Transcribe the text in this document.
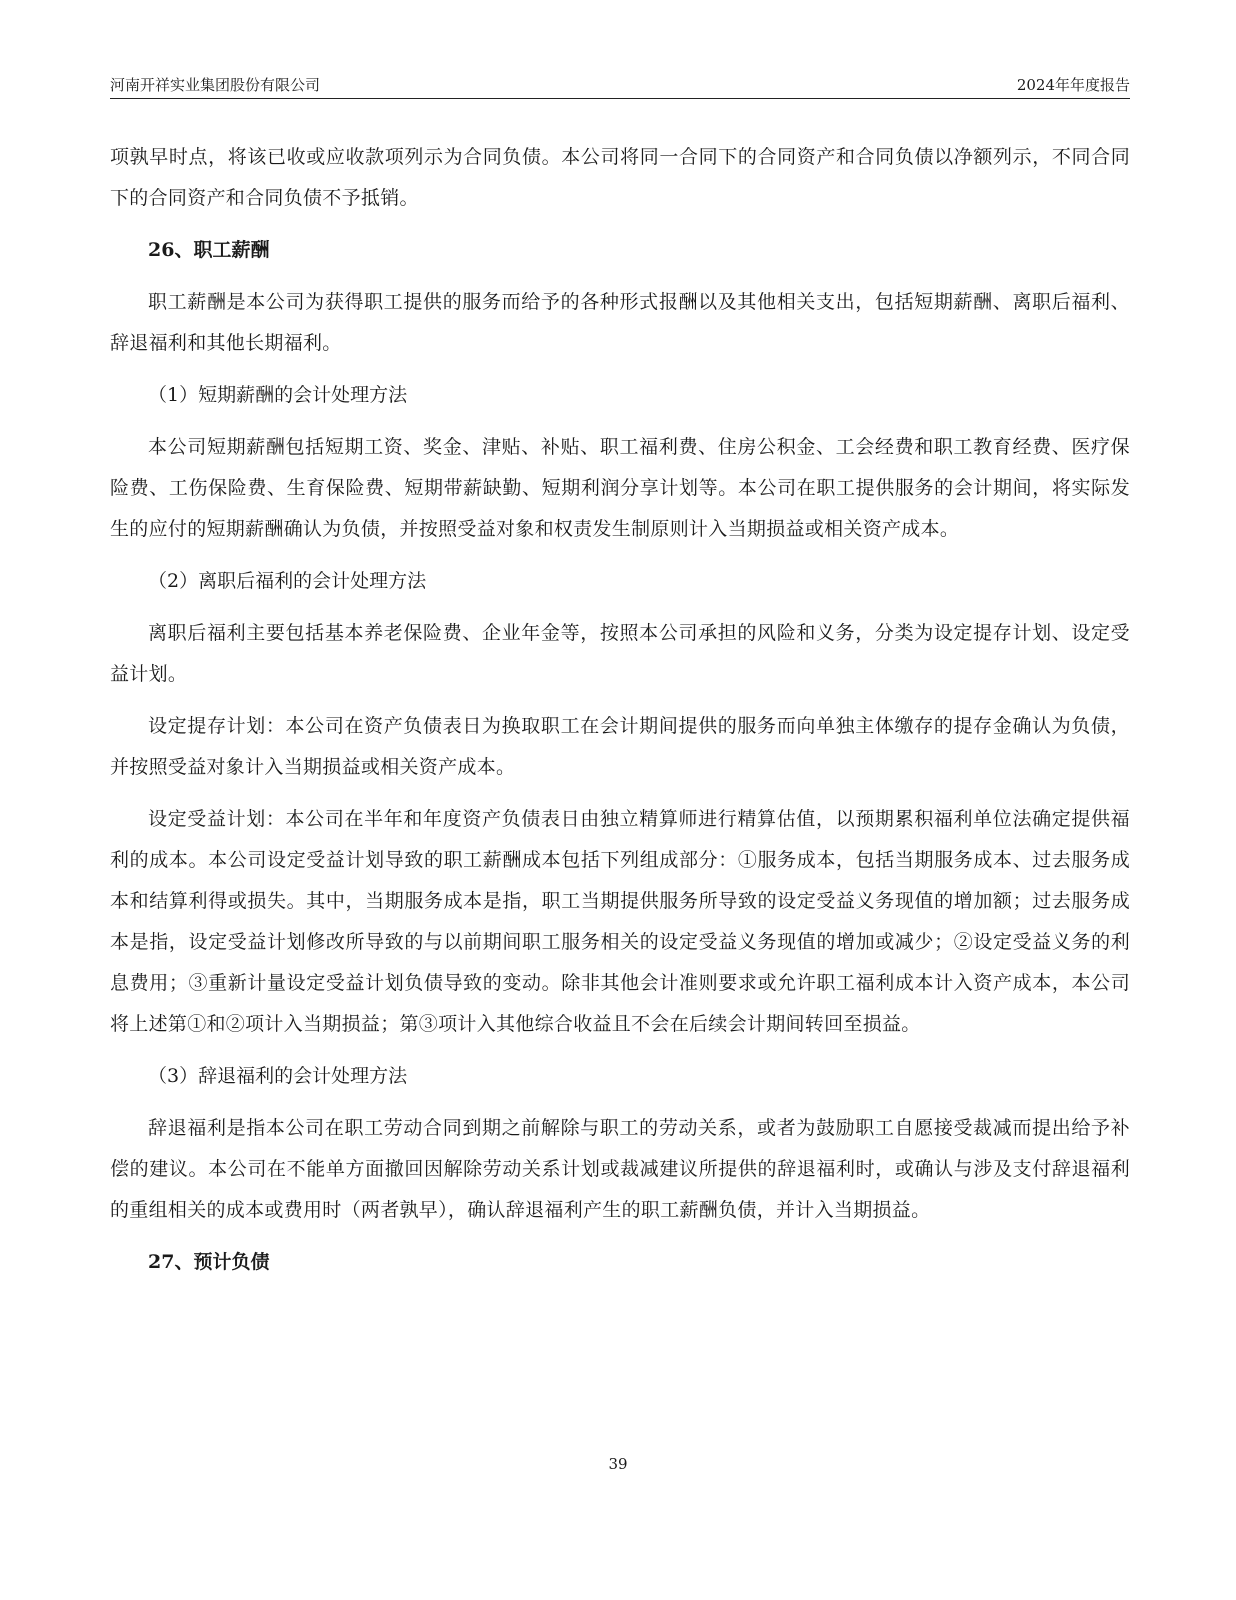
河南开祥实业集团股份有限公司	2024年年度报告

项孰早时点，将该已收或应收款项列示为合同负债。本公司将同一合同下的合同资产和合同负债以净额列示，不同合同下的合同资产和合同负债不予抵销。

26、职工薪酬

职工薪酬是本公司为获得职工提供的服务而给予的各种形式报酬以及其他相关支出，包括短期薪酬、离职后福利、辞退福利和其他长期福利。

（1）短期薪酬的会计处理方法

本公司短期薪酬包括短期工资、奖金、津贴、补贴、职工福利费、住房公积金、工会经费和职工教育经费、医疗保险费、工伤保险费、生育保险费、短期带薪缺勤、短期利润分享计划等。本公司在职工提供服务的会计期间，将实际发生的应付的短期薪酬确认为负债，并按照受益对象和权责发生制原则计入当期损益或相关资产成本。

（2）离职后福利的会计处理方法

离职后福利主要包括基本养老保险费、企业年金等，按照本公司承担的风险和义务，分类为设定提存计划、设定受益计划。

设定提存计划：本公司在资产负债表日为换取职工在会计期间提供的服务而向单独主体缴存的提存金确认为负债，并按照受益对象计入当期损益或相关资产成本。

设定受益计划：本公司在半年和年度资产负债表日由独立精算师进行精算估值，以预期累积福利单位法确定提供福利的成本。本公司设定受益计划导致的职工薪酬成本包括下列组成部分：①服务成本，包括当期服务成本、过去服务成本和结算利得或损失。其中，当期服务成本是指，职工当期提供服务所导致的设定受益义务现值的增加额；过去服务成本是指，设定受益计划修改所导致的与以前期间职工服务相关的设定受益义务现值的增加或减少；②设定受益义务的利息费用；③重新计量设定受益计划负债导致的变动。除非其他会计准则要求或允许职工福利成本计入资产成本，本公司将上述第①和②项计入当期损益；第③项计入其他综合收益且不会在后续会计期间转回至损益。

（3）辞退福利的会计处理方法

辞退福利是指本公司在职工劳动合同到期之前解除与职工的劳动关系，或者为鼓励职工自愿接受裁减而提出给予补偿的建议。本公司在不能单方面撤回因解除劳动关系计划或裁减建议所提供的辞退福利时，或确认与涉及支付辞退福利的重组相关的成本或费用时（两者孰早），确认辞退福利产生的职工薪酬负债，并计入当期损益。

27、预计负债

39
